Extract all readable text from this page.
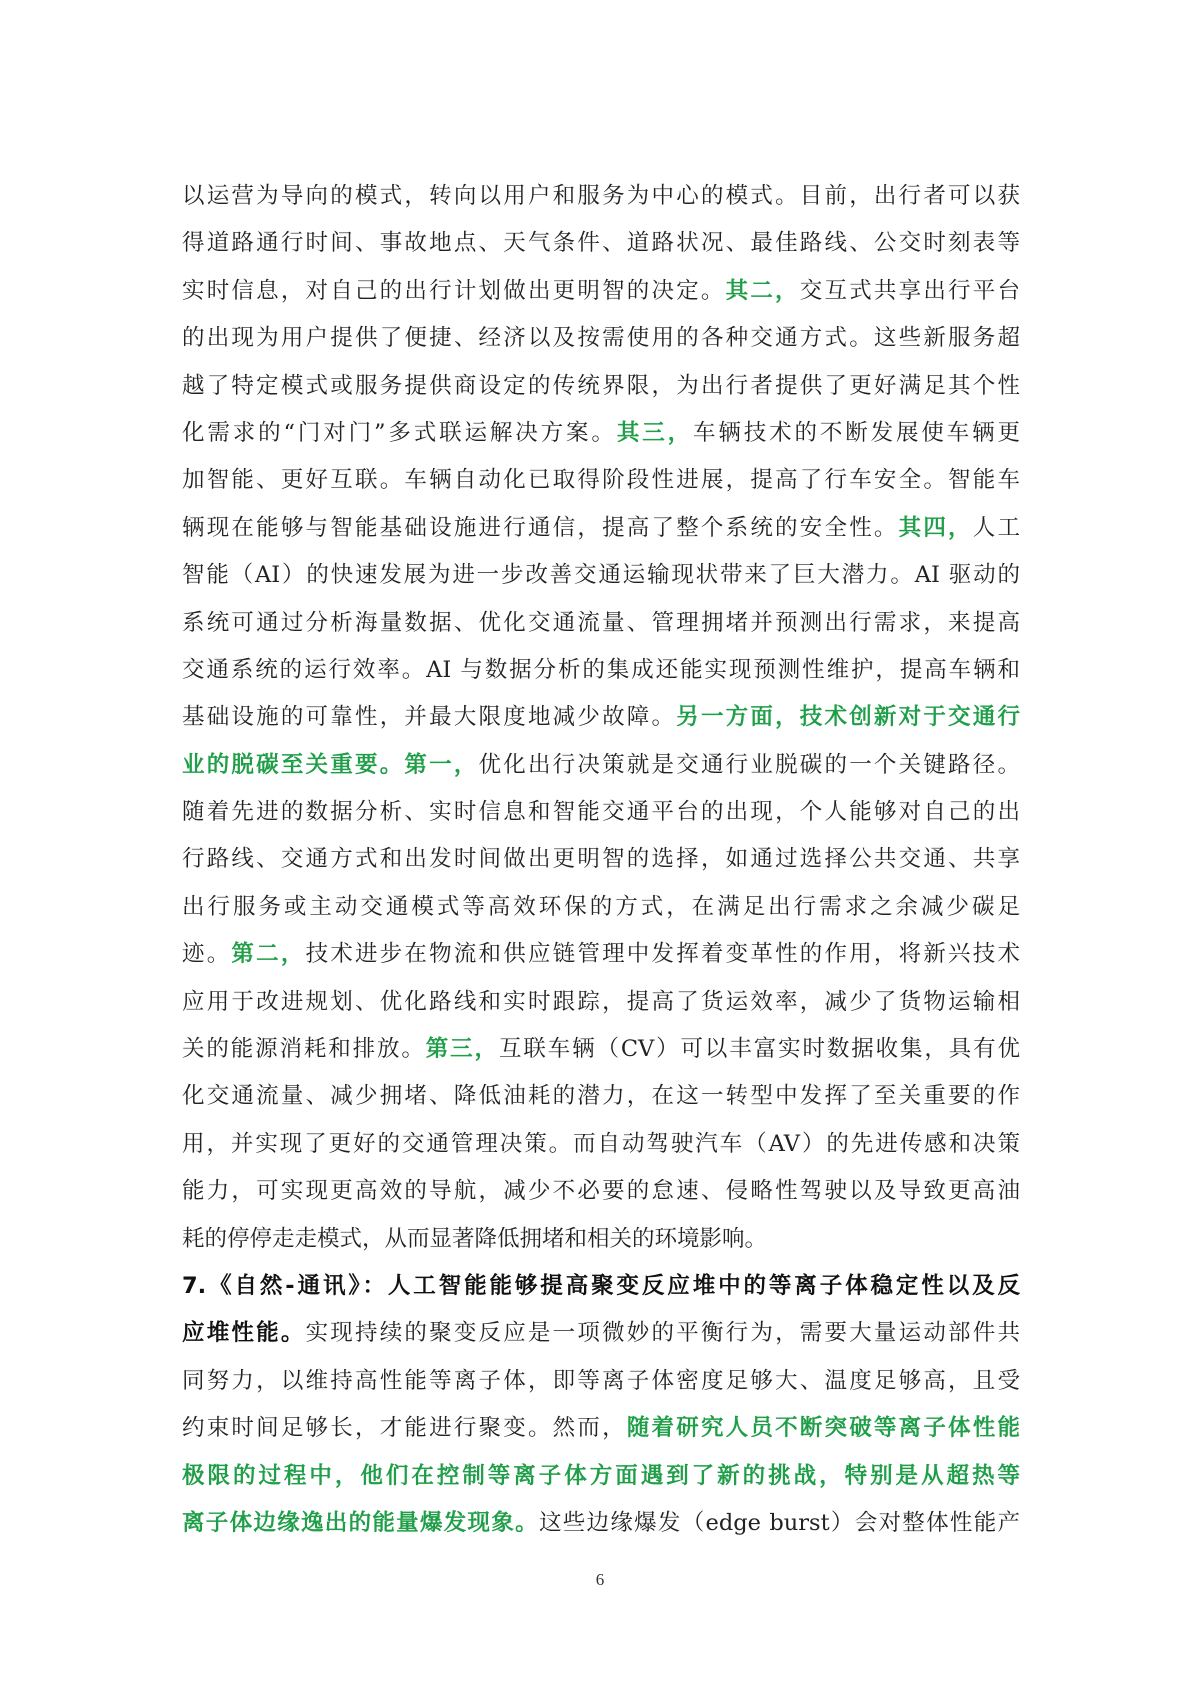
以运营为导向的模式，转向以用户和服务为中心的模式。目前，出行者可以获
得道路通行时间、事故地点、天气条件、道路状况、最佳路线、公交时刻表等
实时信息，对自己的出行计划做出更明智的决定。其二，交互式共享出行平台
的出现为用户提供了便捷、经济以及按需使用的各种交通方式。这些新服务超
越了特定模式或服务提供商设定的传统界限，为出行者提供了更好满足其个性
化需求的“门对门”多式联运解决方案。其三，车辆技术的不断发展使车辆更
加智能、更好互联。车辆自动化已取得阶段性进展，提高了行车安全。智能车
辆现在能够与智能基础设施进行通信，提高了整个系统的安全性。其四，人工
智能（AI）的快速发展为进一步改善交通运输现状带来了巨大潜力。AI 驱动的
系统可通过分析海量数据、优化交通流量、管理拥堵并预测出行需求，来提高
交通系统的运行效率。AI 与数据分析的集成还能实现预测性维护，提高车辆和
基础设施的可靠性，并最大限度地减少故障。另一方面，技术创新对于交通行
业的脱碳至关重要。第一，优化出行决策就是交通行业脱碳的一个关键路径。
随着先进的数据分析、实时信息和智能交通平台的出现，个人能够对自己的出
行路线、交通方式和出发时间做出更明智的选择，如通过选择公共交通、共享
出行服务或主动交通模式等高效环保的方式，在满足出行需求之余减少碳足
迹。第二，技术进步在物流和供应链管理中发挥着变革性的作用，将新兴技术
应用于改进规划、优化路线和实时跟踪，提高了货运效率，减少了货物运输相
关的能源消耗和排放。第三，互联车辆（CV）可以丰富实时数据收集，具有优
化交通流量、减少拥堵、降低油耗的潜力，在这一转型中发挥了至关重要的作
用，并实现了更好的交通管理决策。而自动驾驶汽车（AV）的先进传感和决策
能力，可实现更高效的导航，减少不必要的怠速、侵略性驾驶以及导致更高油
耗的停停走走模式，从而显著降低拥堵和相关的环境影响。
7.《自然-通讯》：人工智能能够提高聚变反应堆中的等离子体稳定性以及反
应堆性能。实现持续的聚变反应是一项微妙的平衡行为，需要大量运动部件共
同努力，以维持高性能等离子体，即等离子体密度足够大、温度足够高，且受
约束时间足够长，才能进行聚变。然而，随着研究人员不断突破等离子体性能
极限的过程中，他们在控制等离子体方面遇到了新的挑战，特别是从超热等
离子体边缘逸出的能量爆发现象。这些边缘爆发（edge burst）会对整体性能产
6
